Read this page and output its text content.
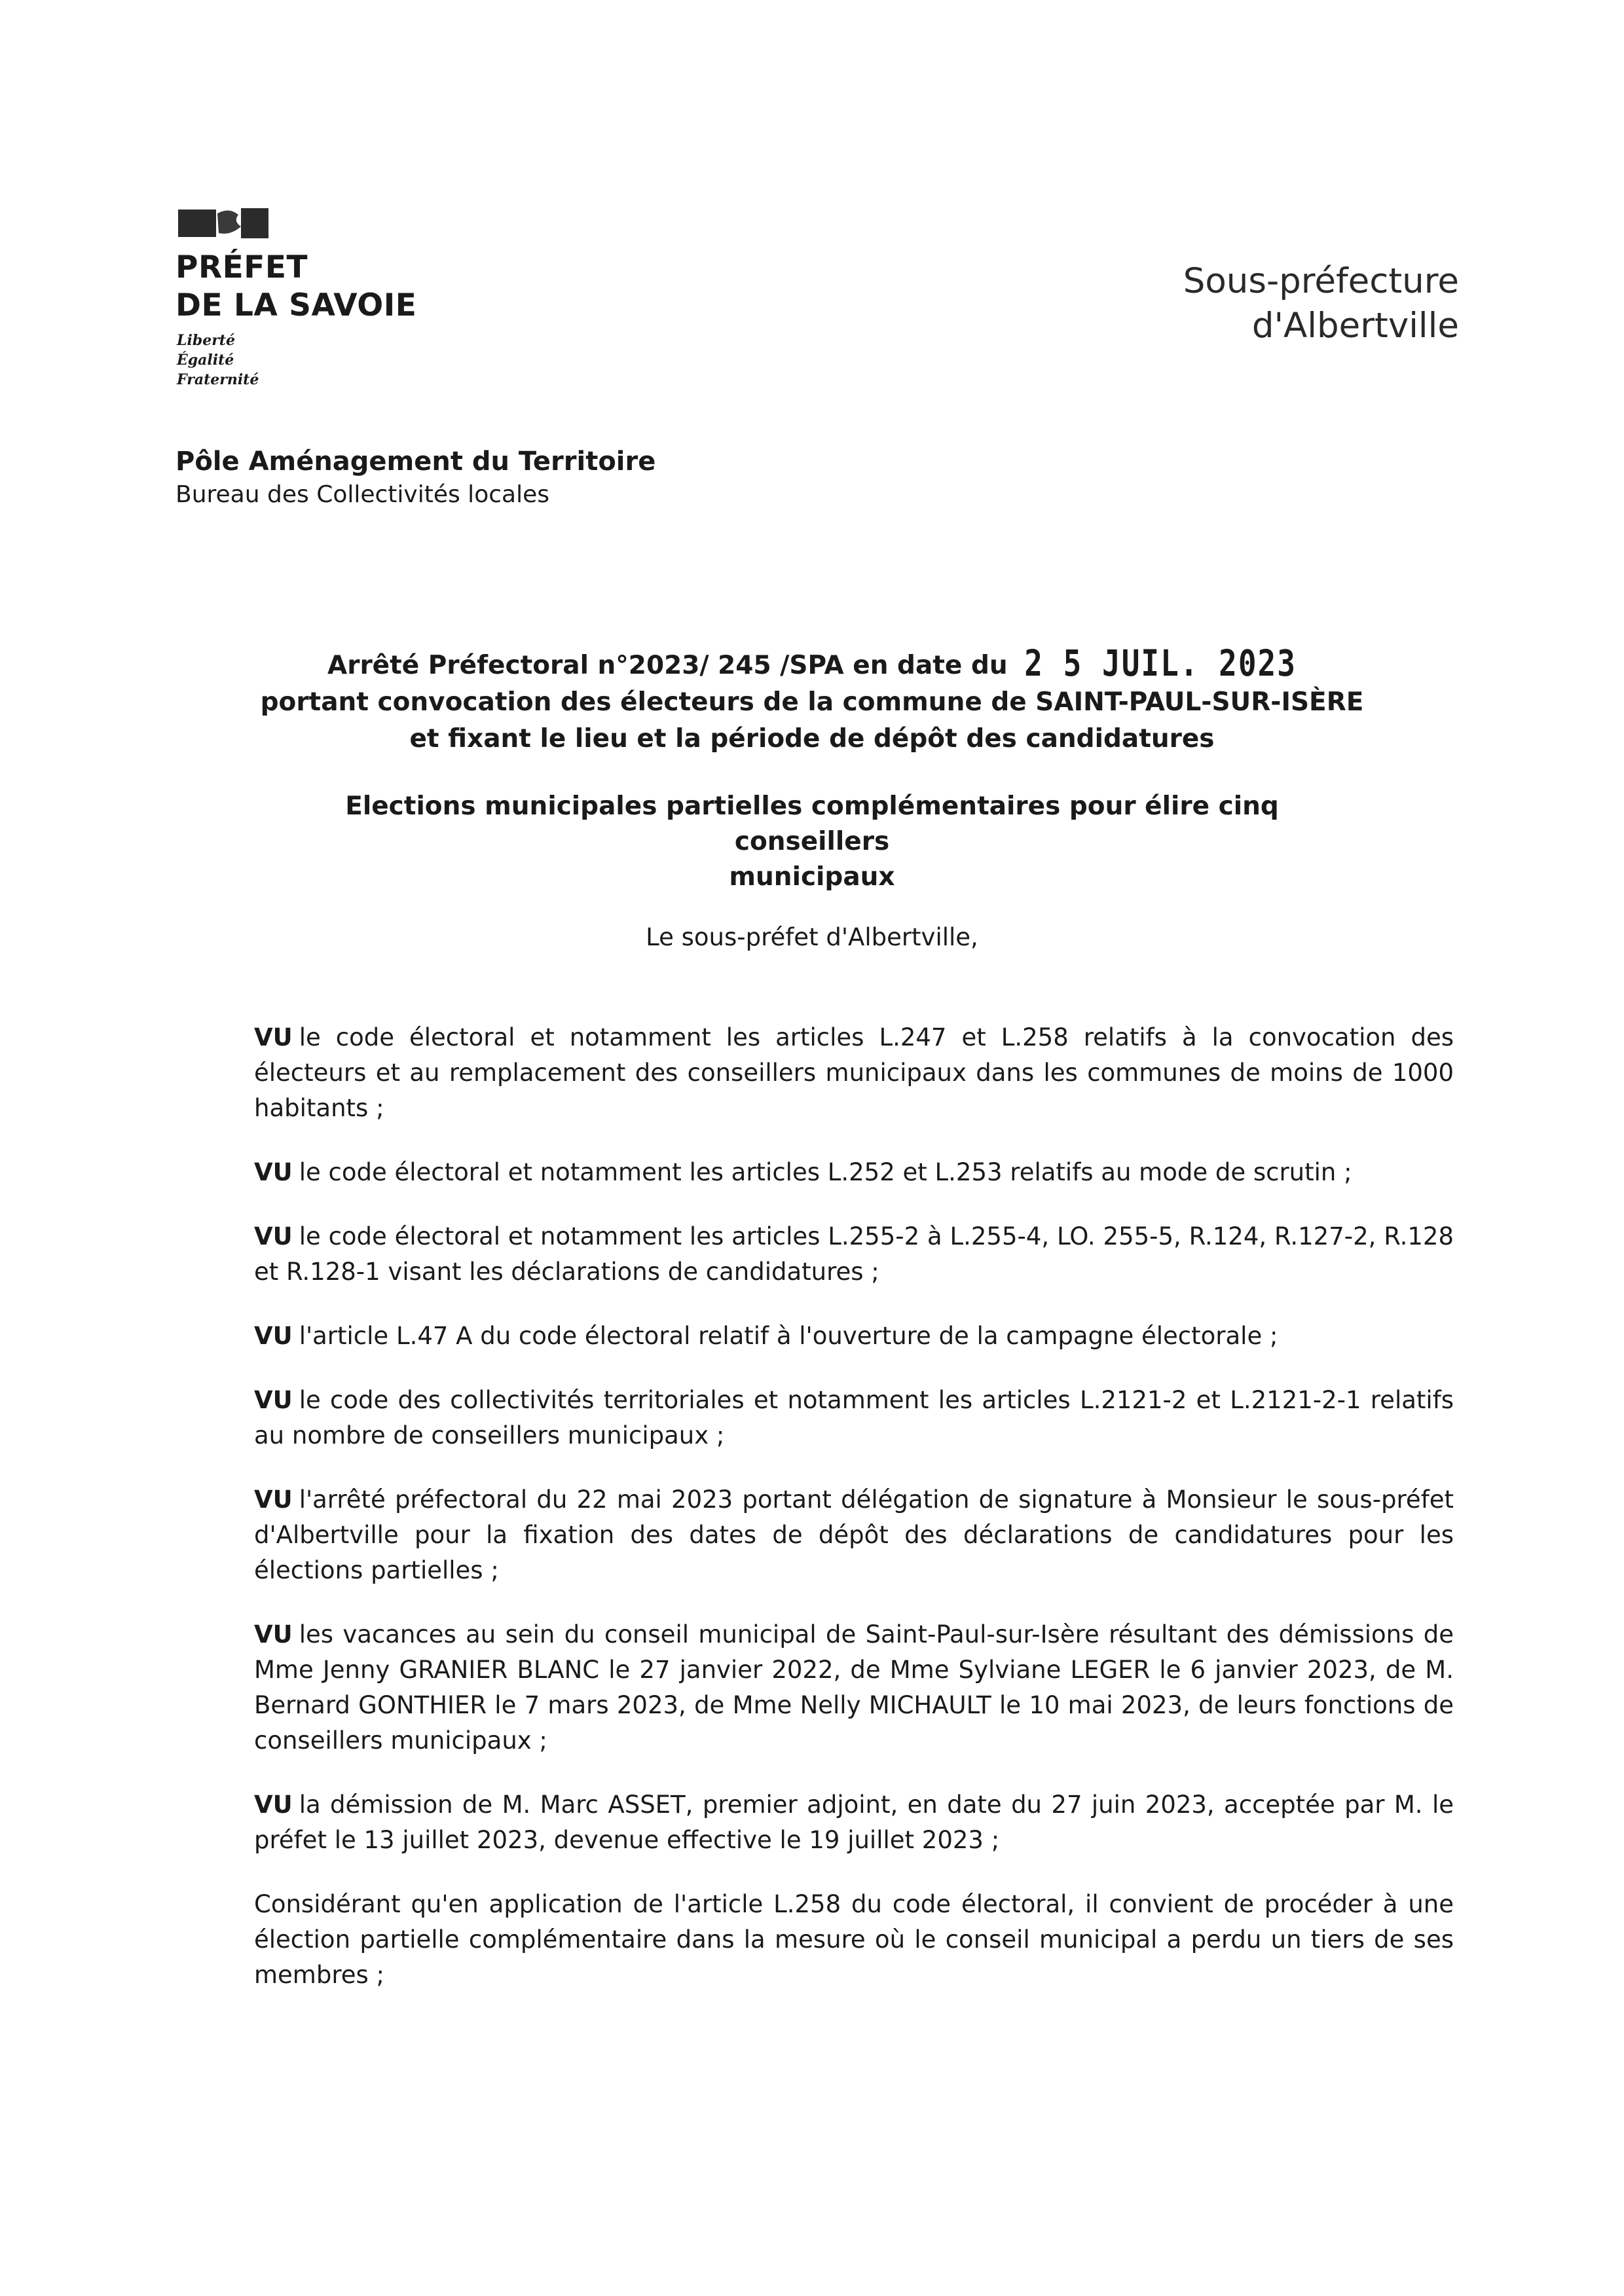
PRÉFET
DE LA SAVOIE
Liberté
Égalité
Fraternité
Sous-préfecture
d'Albertville
Pôle Aménagement du Territoire
Bureau des Collectivités locales
Arrêté Préfectoral n°2023/ 245 /SPA en date du 2 5 JUIL. 2023
portant convocation des électeurs de la commune de SAINT-PAUL-SUR-ISÈRE
et fixant le lieu et la période de dépôt des candidatures
Elections municipales partielles complémentaires pour élire cinq conseillers
municipaux
Le sous-préfet d'Albertville,

VU le code électoral et notamment les articles L.247 et L.258 relatifs à la convocation des électeurs et au remplacement des conseillers municipaux dans les communes de moins de 1000 habitants ;

VU le code électoral et notamment les articles L.252 et L.253 relatifs au mode de scrutin ;

VU le code électoral et notamment les articles L.255-2 à L.255-4, LO. 255-5, R.124, R.127-2, R.128 et R.128-1 visant les déclarations de candidatures ;

VU l'article L.47 A du code électoral relatif à l'ouverture de la campagne électorale ;

VU le code des collectivités territoriales et notamment les articles L.2121-2 et L.2121-2-1 relatifs au nombre de conseillers municipaux ;

VU l'arrêté préfectoral du 22 mai 2023 portant délégation de signature à Monsieur le sous-préfet d'Albertville pour la fixation des dates de dépôt des déclarations de candidatures pour les élections partielles ;

VU les vacances au sein du conseil municipal de Saint-Paul-sur-Isère résultant des démissions de Mme Jenny GRANIER BLANC le 27 janvier 2022, de Mme Sylviane LEGER le 6 janvier 2023, de M. Bernard GONTHIER le 7 mars 2023, de Mme Nelly MICHAULT le 10 mai 2023, de leurs fonctions de conseillers municipaux ;

VU la démission de M. Marc ASSET, premier adjoint, en date du 27 juin 2023, acceptée par M. le préfet le 13 juillet 2023, devenue effective le 19 juillet 2023 ;

Considérant qu'en application de l'article L.258 du code électoral, il convient de procéder à une élection partielle complémentaire dans la mesure où le conseil municipal a perdu un tiers de ses membres ;
